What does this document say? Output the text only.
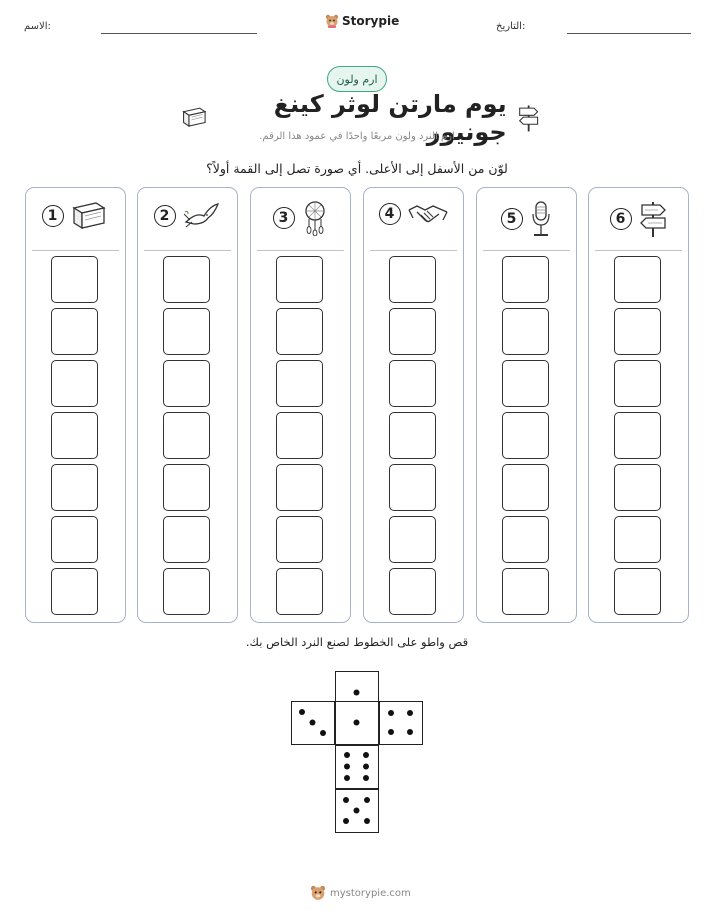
الاسم:	Storypie	التاريخ:
ارم ولون
يوم مارتن لوثر كينغ جونيور
ارم النرد ولون مربعًا واحدًا في عمود هذا الرقم.
لوّن من الأسفل إلى الأعلى. أي صورة تصل إلى القمة أولاً؟
1	2	3	4	5	6
قص واطو على الخطوط لصنع النرد الخاص بك.
mystorypie.com
